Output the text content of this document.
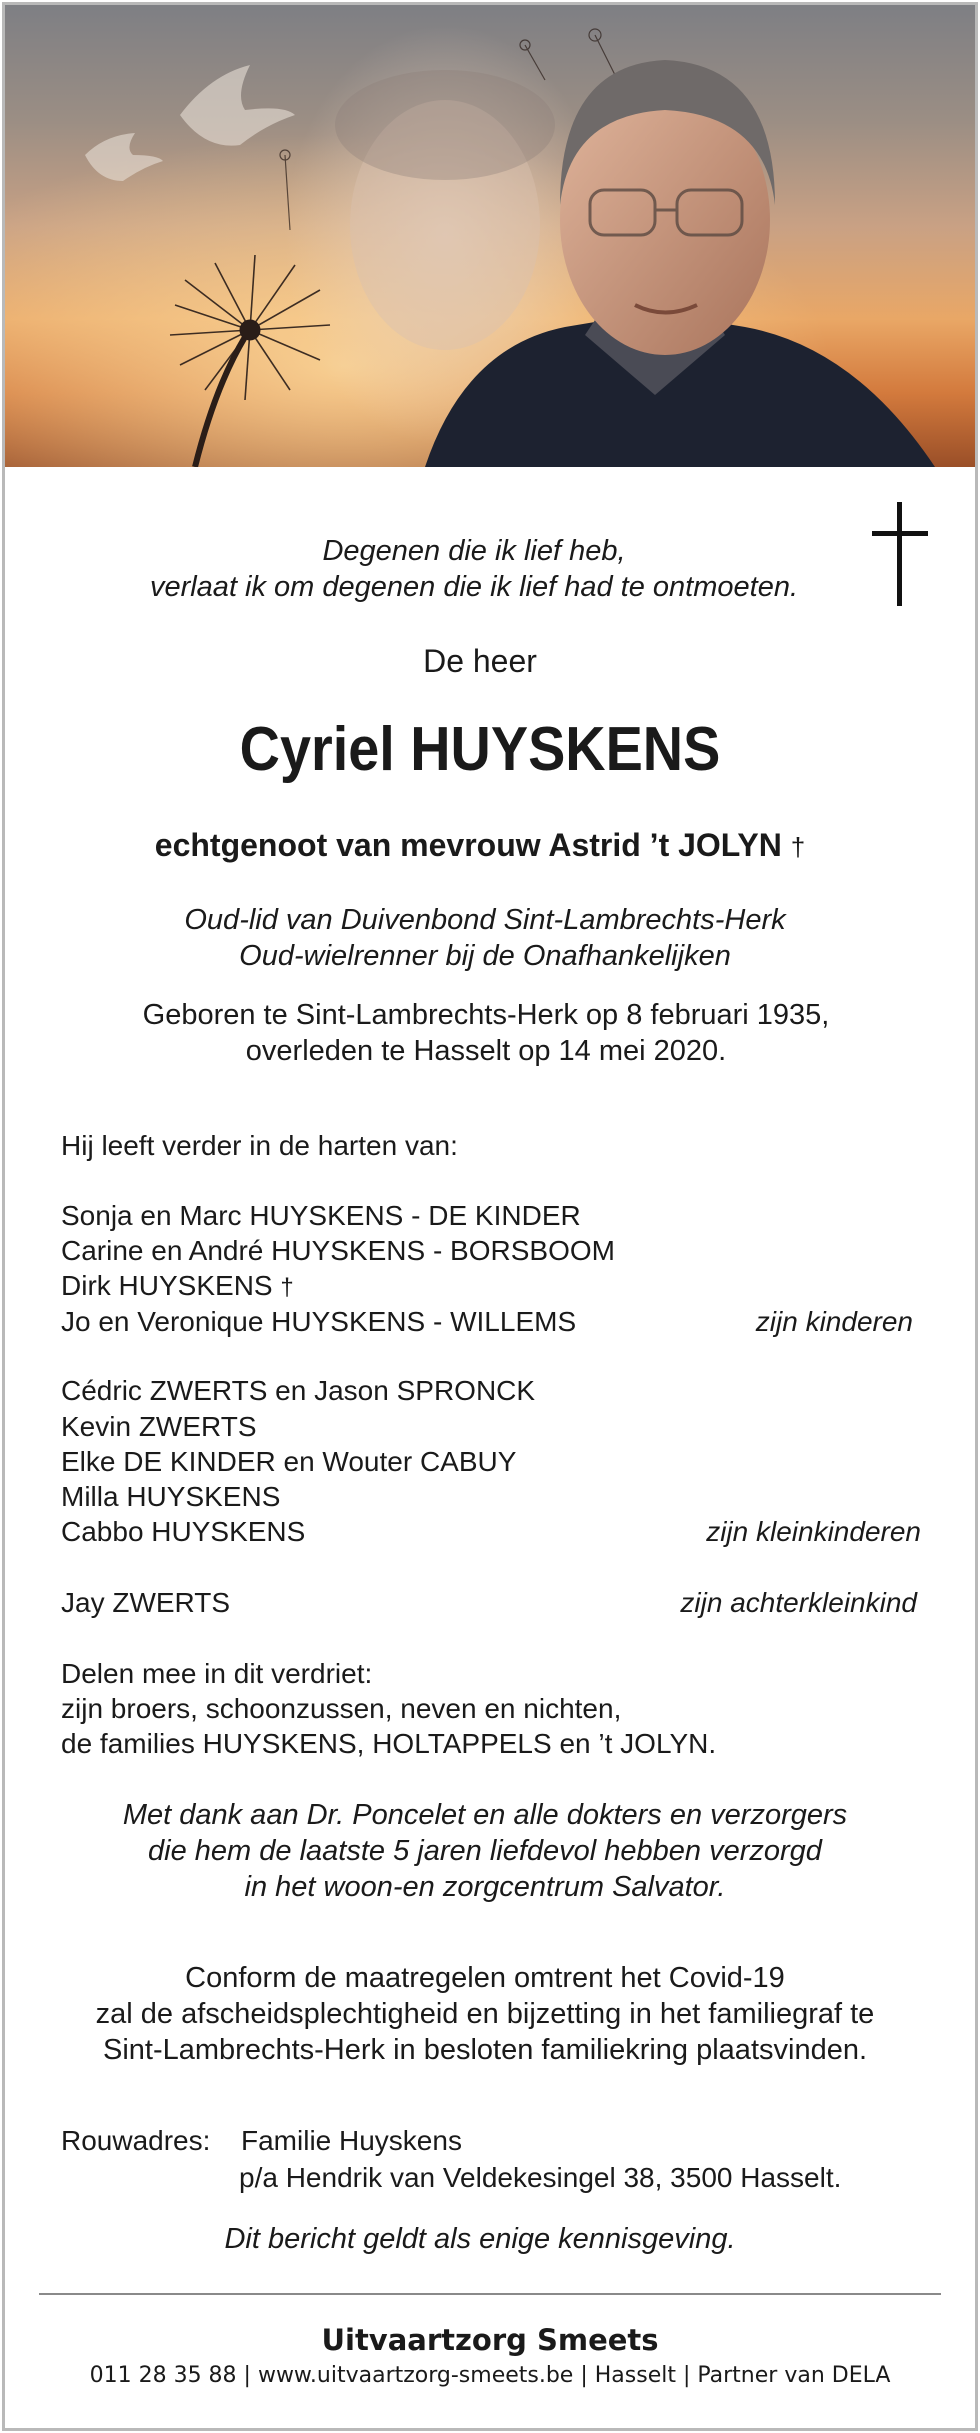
Degenen die ik lief heb,
verlaat ik om degenen die ik lief had te ontmoeten.
De heer
Cyriel HUYSKENS
echtgenoot van mevrouw Astrid ’t JOLYN †
Oud-lid van Duivenbond Sint-Lambrechts-Herk
Oud-wielrenner bij de Onafhankelijken
Geboren te Sint-Lambrechts-Herk op 8 februari 1935,
overleden te Hasselt op 14 mei 2020.
Hij leeft verder in de harten van:
Sonja en Marc HUYSKENS - DE KINDER
Carine en André HUYSKENS - BORSBOOM
Dirk HUYSKENS †
Jo en Veronique HUYSKENS - WILLEMS	zijn kinderen
Cédric ZWERTS en Jason SPRONCK
Kevin ZWERTS
Elke DE KINDER en Wouter CABUY
Milla HUYSKENS
Cabbo HUYSKENS	zijn kleinkinderen
Jay ZWERTS	zijn achterkleinkind
Delen mee in dit verdriet:
zijn broers, schoonzussen, neven en nichten,
de families HUYSKENS, HOLTAPPELS en ’t JOLYN.
Met dank aan Dr. Poncelet en alle dokters en verzorgers
die hem de laatste 5 jaren liefdevol hebben verzorgd
in het woon-en zorgcentrum Salvator.
Conform de maatregelen omtrent het Covid-19
zal de afscheidsplechtigheid en bijzetting in het familiegraf te
Sint-Lambrechts-Herk in besloten familiekring plaatsvinden.
Rouwadres: Familie Huyskens
p/a Hendrik van Veldekesingel 38, 3500 Hasselt.
Dit bericht geldt als enige kennisgeving.
Uitvaartzorg Smeets
011 28 35 88 | www.uitvaartzorg-smeets.be | Hasselt | Partner van DELA
